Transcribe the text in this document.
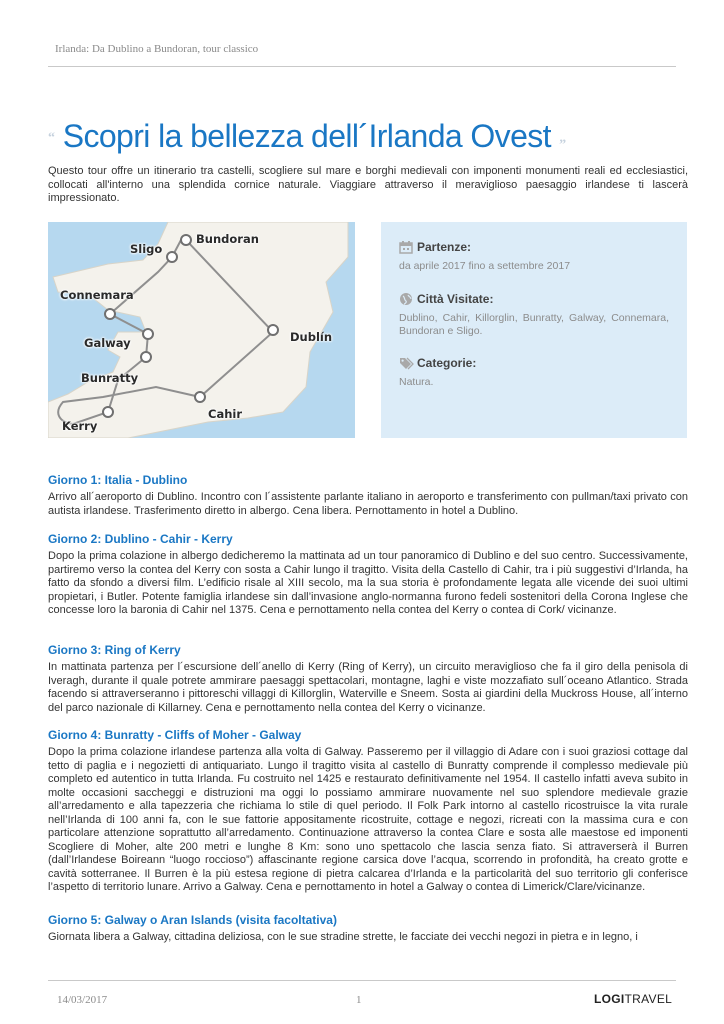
Irlanda: Da Dublino a Bundoran, tour classico
“ Scopri la bellezza dell´Irlanda Ovest „
Questo tour offre un itinerario tra castelli, scogliere sul mare e borghi medievali con imponenti monumenti reali ed ecclesiastici, collocati all'interno una splendida cornice naturale. Viaggiare attraverso il meraviglioso paesaggio irlandese ti lascerà impressionato.
Bundoran
Sligo
Connemara
Dublín
Galway
Bunratty
Cahir
Kerry
Partenze:
da aprile 2017 fino a settembre 2017
Città Visitate:
Dublino, Cahir, Killorglin, Bunratty, Galway, Connemara, Bundoran e Sligo.
Categorie:
Natura.
Giorno 1: Italia - Dublino

Arrivo all´aeroporto di Dublino. Incontro con l´assistente parlante italiano in aeroporto e transferimento con pullman/taxi privato con autista irlandese. Trasferimento diretto in albergo. Cena libera. Pernottamento in hotel a Dublino.

Giorno 2: Dublino - Cahir - Kerry

Dopo la prima colazione in albergo dedicheremo la mattinata ad un tour panoramico di Dublino e del suo centro. Successivamente, partiremo verso la contea del Kerry con sosta a Cahir lungo il tragitto. Visita della Castello di Cahir, tra i più suggestivi d’Irlanda, ha fatto da sfondo a diversi film. L’edificio risale al XIII secolo, ma la sua storia è profondamente legata alle vicende dei suoi ultimi propietari, i Butler. Potente famiglia irlandese sin dall’invasione anglo-normanna furono fedeli sostenitori della Corona Inglese che concesse loro la baronia di Cahir nel 1375. Cena e pernottamento nella contea del Kerry o contea di Cork/ vicinanze.

Giorno 3: Ring of Kerry

In mattinata partenza per l´escursione dell´anello di Kerry (Ring of Kerry), un circuito meraviglioso che fa il giro della penisola di Iveragh, durante il quale potrete ammirare paesaggi spettacolari, montagne, laghi e viste mozzafiato sull´oceano Atlantico. Strada facendo si attraverseranno i pittoreschi villaggi di Killorglin, Waterville e Sneem. Sosta ai giardini della Muckross House, all´interno del parco nazionale di Killarney. Cena e pernottamento nella contea del Kerry o vicinanze.

Giorno 4: Bunratty - Cliffs of Moher - Galway

Dopo la prima colazione irlandese partenza alla volta di Galway. Passeremo per il villaggio di Adare con i suoi graziosi cottage dal tetto di paglia e i negozietti di antiquariato. Lungo il tragitto visita al castello di Bunratty comprende il complesso medievale più completo ed autentico in tutta Irlanda. Fu costruito nel 1425 e restaurato definitivamente nel 1954. Il castello infatti aveva subito in molte occasioni saccheggi e distruzioni ma oggi lo possiamo ammirare nuovamente nel suo splendore medievale grazie all’arredamento e alla tapezzeria che richiama lo stile di quel periodo. Il Folk Park intorno al castello ricostruisce la vita rurale nell’Irlanda di 100 anni fa, con le sue fattorie appositamente ricostruite, cottage e negozi, ricreati con la massima cura e con particolare attenzione soprattutto all’arredamento. Continuazione attraverso la contea Clare e sosta alle maestose ed imponenti Scogliere di Moher, alte 200 metri e lunghe 8 Km: sono uno spettacolo che lascia senza fiato. Si attraverserà il Burren (dall’Irlandese Boireann “luogo roccioso”) affascinante regione carsica dove l’acqua, scorrendo in profondità, ha creato grotte e cavità sotterranee. Il Burren è la più estesa regione di pietra calcarea d’Irlanda e la particolarità del suo territorio gli conferisce l’aspetto di territorio lunare. Arrivo a Galway. Cena e pernottamento in hotel a Galway o contea di Limerick/Clare/vicinanze.

Giorno 5: Galway o Aran Islands (visita facoltativa)

Giornata libera a Galway, cittadina deliziosa, con le sue stradine strette, le facciate dei vecchi negozi in pietra e in legno, i

14/03/2017	1	LOGITRAVEL
